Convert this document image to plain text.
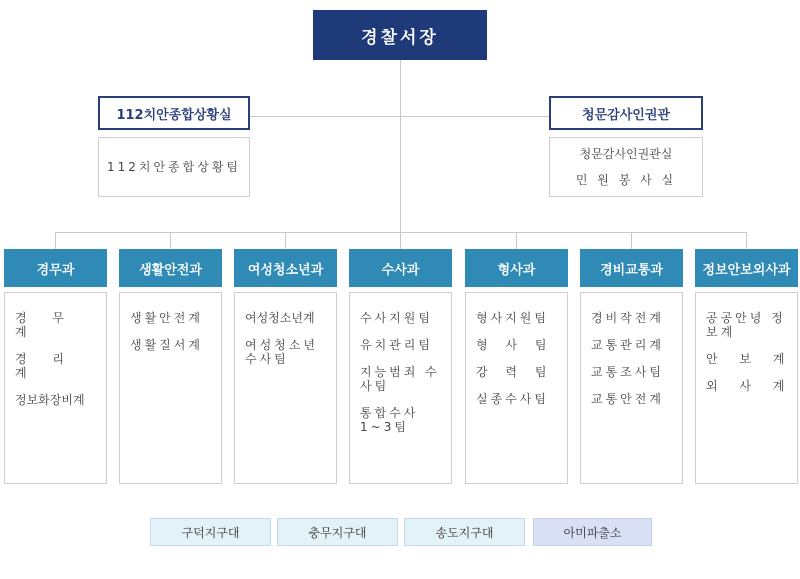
경찰서장
112치안종합상황실
112치안종합상황팀
청문감사인권관
청문감사인권관실
민 원 봉 사 실
경무과
경 무 계
경 리 계
정보화장비계
생활안전과
생활안전계
생활질서계
여성청소년과
여성청소년계
여성청소년 수사팀
수사과
수사지원팀
유치관리팀
지능범죄 수사팀
통합수사 1~3팀
형사과
형사지원팀
형 사 팀
강 력 팀
실종수사팀
경비교통과
경비작전계
교통관리계
교통조사팀
교통안전계
정보안보외사과
공공안녕 정보계
안 보 계
외 사 계
구덕지구대	충무지구대	송도지구대	아미파출소
